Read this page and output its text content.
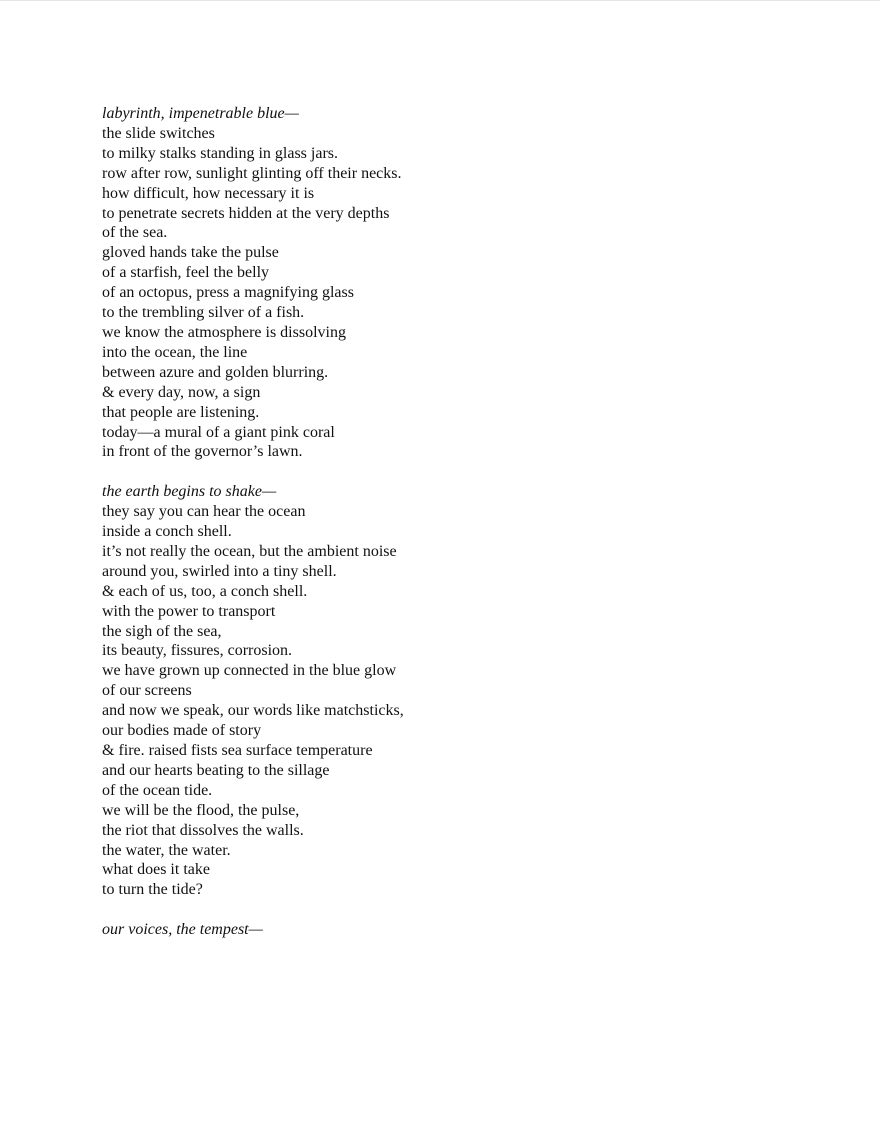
labyrinth, impenetrable blue—
the slide switches
to milky stalks standing in glass jars.
row after row, sunlight glinting off their necks.
how difficult, how necessary it is
to penetrate secrets hidden at the very depths
of the sea.
gloved hands take the pulse
of a starfish, feel the belly
of an octopus, press a magnifying glass
to the trembling silver of a fish.
we know the atmosphere is dissolving
into the ocean, the line
between azure and golden blurring.
& every day, now, a sign
that people are listening.
today—a mural of a giant pink coral
in front of the governor’s lawn.
the earth begins to shake—
they say you can hear the ocean
inside a conch shell.
it’s not really the ocean, but the ambient noise
around you, swirled into a tiny shell.
& each of us, too, a conch shell.
with the power to transport
the sigh of the sea,
its beauty, fissures, corrosion.
we have grown up connected in the blue glow
of our screens
and now we speak, our words like matchsticks,
our bodies made of story
& fire. raised fists sea surface temperature
and our hearts beating to the sillage
of the ocean tide.
we will be the flood, the pulse,
the riot that dissolves the walls.
the water, the water.
what does it take
to turn the tide?
our voices, the tempest—
